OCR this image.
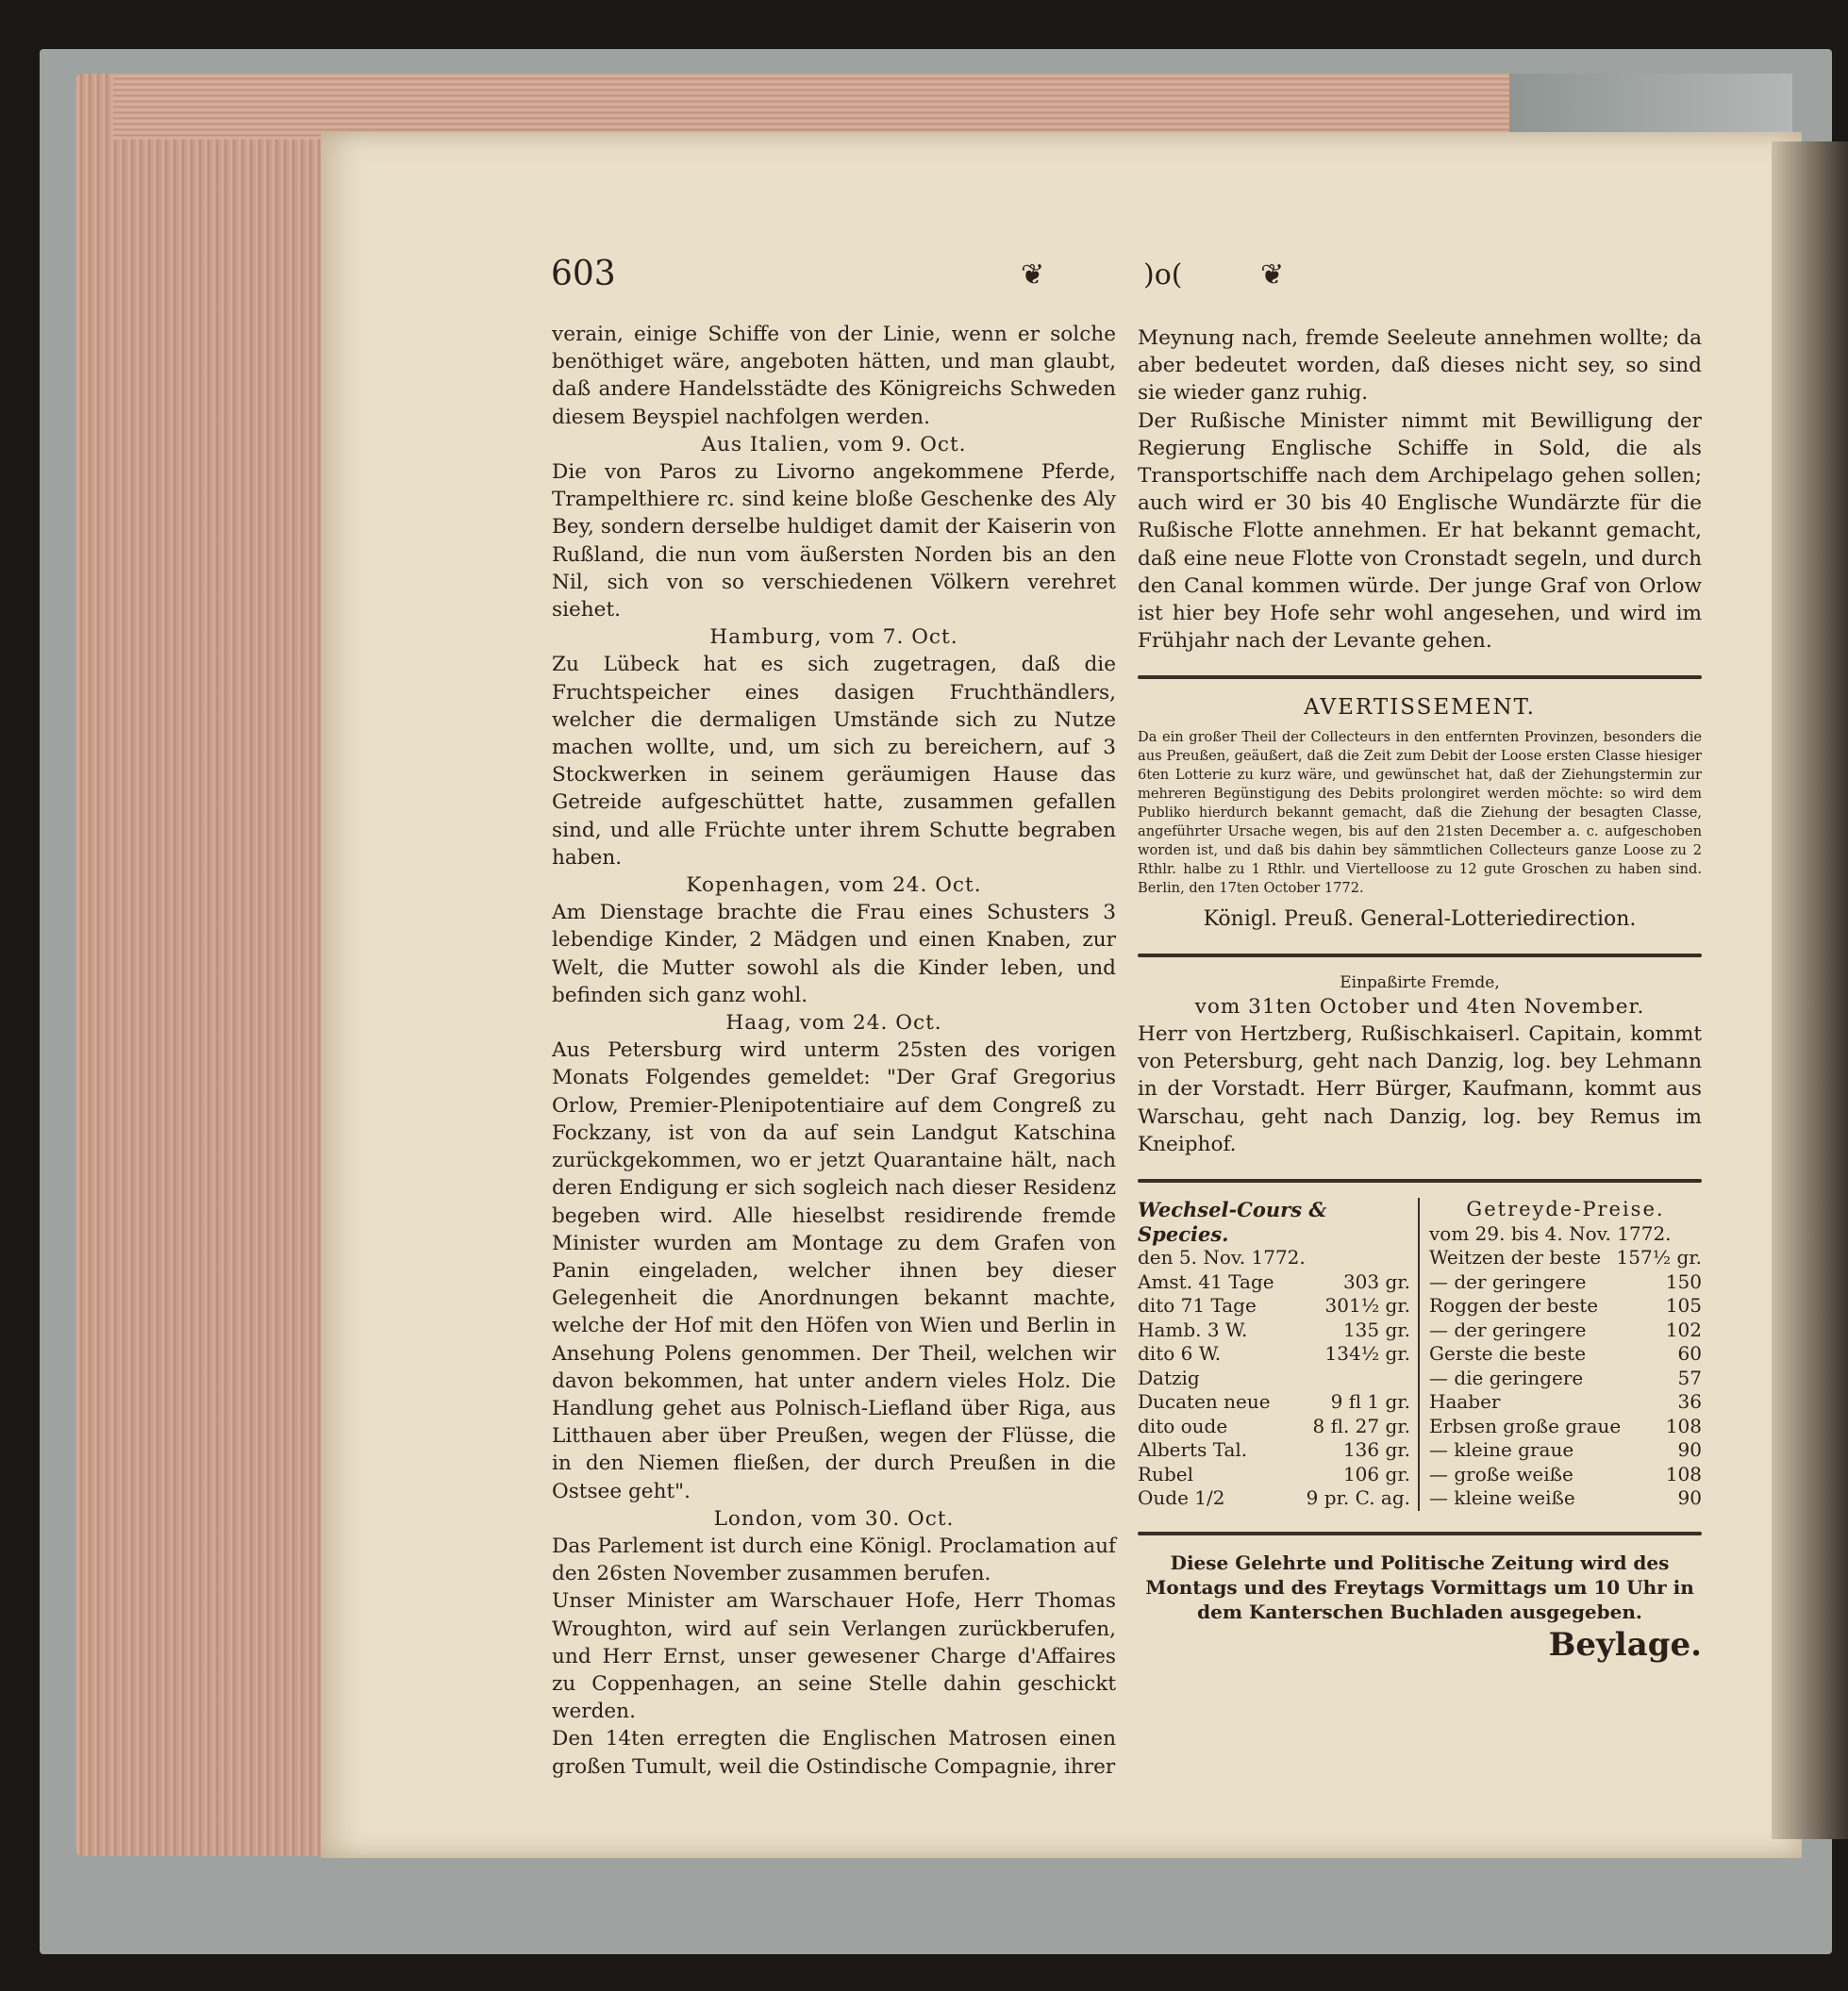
603	❦	)o(	❦

verain, einige Schiffe von der Linie, wenn er solche benöthiget wäre, angeboten hätten, und man glaubt, daß andere Handelsstädte des Königreichs Schweden diesem Beyspiel nachfolgen werden.

Aus Italien, vom 9. Oct.

Die von Paros zu Livorno angekommene Pferde, Trampelthiere rc. sind keine bloße Geschenke des Aly Bey, sondern derselbe huldiget damit der Kaiserin von Rußland, die nun vom äußersten Norden bis an den Nil, sich von so verschiedenen Völkern verehret siehet.

Hamburg, vom 7. Oct.

Zu Lübeck hat es sich zugetragen, daß die Fruchtspeicher eines dasigen Fruchthändlers, welcher die dermaligen Umstände sich zu Nutze machen wollte, und, um sich zu bereichern, auf 3 Stockwerken in seinem geräumigen Hause das Getreide aufgeschüttet hatte, zusammen gefallen sind, und alle Früchte unter ihrem Schutte begraben haben.

Kopenhagen, vom 24. Oct.

Am Dienstage brachte die Frau eines Schusters 3 lebendige Kinder, 2 Mädgen und einen Knaben, zur Welt, die Mutter sowohl als die Kinder leben, und befinden sich ganz wohl.

Haag, vom 24. Oct.

Aus Petersburg wird unterm 25sten des vorigen Monats Folgendes gemeldet: "Der Graf Gregorius Orlow, Premier-Plenipotentiaire auf dem Congreß zu Fockzany, ist von da auf sein Landgut Katschina zurückgekommen, wo er jetzt Quarantaine hält, nach deren Endigung er sich sogleich nach dieser Residenz begeben wird. Alle hieselbst residirende fremde Minister wurden am Montage zu dem Grafen von Panin eingeladen, welcher ihnen bey dieser Gelegenheit die Anordnungen bekannt machte, welche der Hof mit den Höfen von Wien und Berlin in Ansehung Polens genommen. Der Theil, welchen wir davon bekommen, hat unter andern vieles Holz. Die Handlung gehet aus Polnisch-Liefland über Riga, aus Litthauen aber über Preußen, wegen der Flüsse, die in den Niemen fließen, der durch Preußen in die Ostsee geht".

London, vom 30. Oct.

Das Parlement ist durch eine Königl. Proclamation auf den 26sten November zusammen berufen.

Unser Minister am Warschauer Hofe, Herr Thomas Wroughton, wird auf sein Verlangen zurückberufen, und Herr Ernst, unser gewesener Charge d'Affaires zu Coppenhagen, an seine Stelle dahin geschickt werden.

Den 14ten erregten die Englischen Matrosen einen großen Tumult, weil die Ostindische Compagnie, ihrer

Meynung nach, fremde Seeleute annehmen wollte; da aber bedeutet worden, daß dieses nicht sey, so sind sie wieder ganz ruhig.

Der Rußische Minister nimmt mit Bewilligung der Regierung Englische Schiffe in Sold, die als Transportschiffe nach dem Archipelago gehen sollen; auch wird er 30 bis 40 Englische Wundärzte für die Rußische Flotte annehmen. Er hat bekannt gemacht, daß eine neue Flotte von Cronstadt segeln, und durch den Canal kommen würde. Der junge Graf von Orlow ist hier bey Hofe sehr wohl angesehen, und wird im Frühjahr nach der Levante gehen.

AVERTISSEMENT.

Da ein großer Theil der Collecteurs in den entfernten Provinzen, besonders die aus Preußen, geäußert, daß die Zeit zum Debit der Loose ersten Classe hiesiger 6ten Lotterie zu kurz wäre, und gewünschet hat, daß der Ziehungstermin zur mehreren Begünstigung des Debits prolongiret werden möchte: so wird dem Publiko hierdurch bekannt gemacht, daß die Ziehung der besagten Classe, angeführter Ursache wegen, bis auf den 21sten December a. c. aufgeschoben worden ist, und daß bis dahin bey sämmtlichen Collecteurs ganze Loose zu 2 Rthlr. halbe zu 1 Rthlr. und Viertelloose zu 12 gute Groschen zu haben sind. Berlin, den 17ten October 1772.

Königl. Preuß. General-Lotteriedirection.
Einpaßirte Fremde,

vom 31ten October und 4ten November.

Herr von Hertzberg, Rußischkaiserl. Capitain, kommt von Petersburg, geht nach Danzig, log. bey Lehmann in der Vorstadt. Herr Bürger, Kaufmann, kommt aus Warschau, geht nach Danzig, log. bey Remus im Kneiphof.

Wechsel-Cours & Species.
den 5. Nov. 1772.
Amst. 41 Tage	303 gr.
dito 71 Tage	301½ gr.
Hamb. 3 W.	135 gr.
dito 6 W.	134½ gr.
Datzig
Ducaten neue	9 fl 1 gr.
dito oude	8 fl. 27 gr.
Alberts Tal.	136 gr.
Rubel	106 gr.
Oude 1/2	9 pr. C. ag.
Getreyde-Preise.
vom 29. bis 4. Nov. 1772.
Weitzen der beste 157½ gr.
— der geringere	150
Roggen der beste	105
— der geringere	102
Gerste die beste	60
— die geringere	57
Haaber	36
Erbsen große graue 108
— kleine graue	90
— große weiße	108
— kleine weiße	90
Diese Gelehrte und Politische Zeitung wird des Montags und des Freytags Vormittags um 10 Uhr in dem Kanterschen Buchladen ausgegeben.
Beylage.
